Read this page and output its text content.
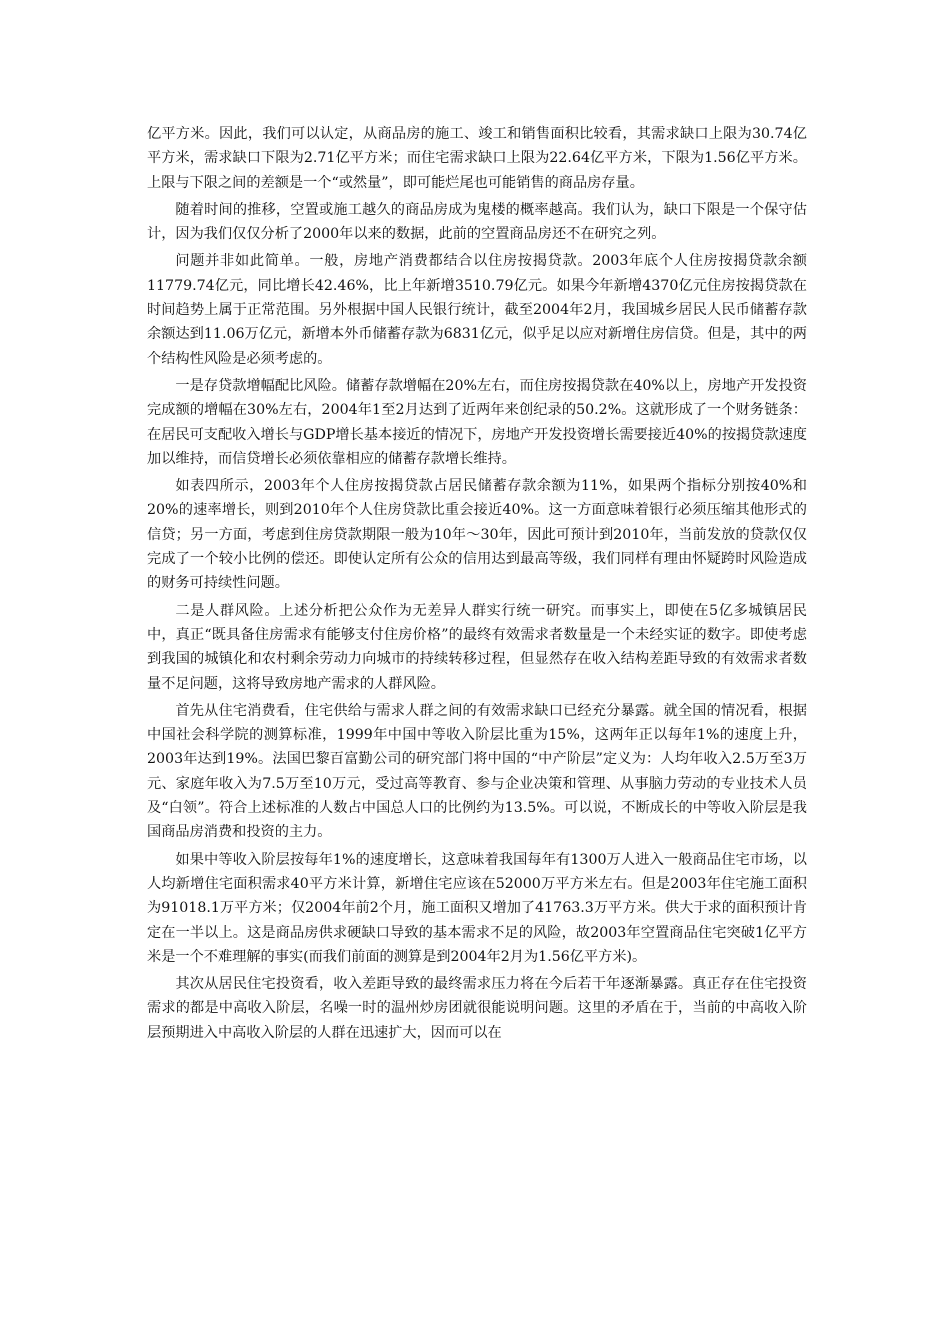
亿平方米。因此，我们可以认定，从商品房的施工、竣工和销售面积比较看，其需求缺口上限为30.74亿平方米，需求缺口下限为2.71亿平方米；而住宅需求缺口上限为22.64亿平方米，下限为1.56亿平方米。上限与下限之间的差额是一个“或然量”，即可能烂尾也可能销售的商品房存量。

随着时间的推移，空置或施工越久的商品房成为鬼楼的概率越高。我们认为，缺口下限是一个保守估计，因为我们仅仅分析了2000年以来的数据，此前的空置商品房还不在研究之列。

问题并非如此简单。一般，房地产消费都结合以住房按揭贷款。2003年底个人住房按揭贷款余额11779.74亿元，同比增长42.46%，比上年新增3510.79亿元。如果今年新增4370亿元住房按揭贷款在时间趋势上属于正常范围。另外根据中国人民银行统计，截至2004年2月，我国城乡居民人民币储蓄存款余额达到11.06万亿元，新增本外币储蓄存款为6831亿元，似乎足以应对新增住房信贷。但是，其中的两个结构性风险是必须考虑的。

一是存贷款增幅配比风险。储蓄存款增幅在20%左右，而住房按揭贷款在40%以上，房地产开发投资完成额的增幅在30%左右，2004年1至2月达到了近两年来创纪录的50.2%。这就形成了一个财务链条：在居民可支配收入增长与GDP增长基本接近的情况下，房地产开发投资增长需要接近40%的按揭贷款速度加以维持，而信贷增长必须依靠相应的储蓄存款增长维持。

如表四所示，2003年个人住房按揭贷款占居民储蓄存款余额为11%，如果两个指标分别按40%和20%的速率增长，则到2010年个人住房贷款比重会接近40%。这一方面意味着银行必须压缩其他形式的信贷；另一方面，考虑到住房贷款期限一般为10年～30年，因此可预计到2010年，当前发放的贷款仅仅完成了一个较小比例的偿还。即使认定所有公众的信用达到最高等级，我们同样有理由怀疑跨时风险造成的财务可持续性问题。

二是人群风险。上述分析把公众作为无差异人群实行统一研究。而事实上，即使在5亿多城镇居民中，真正“既具备住房需求有能够支付住房价格”的最终有效需求者数量是一个未经实证的数字。即使考虑到我国的城镇化和农村剩余劳动力向城市的持续转移过程，但显然存在收入结构差距导致的有效需求者数量不足问题，这将导致房地产需求的人群风险。

首先从住宅消费看，住宅供给与需求人群之间的有效需求缺口已经充分暴露。就全国的情况看，根据中国社会科学院的测算标准，1999年中国中等收入阶层比重为15%，这两年正以每年1%的速度上升，2003年达到19%。法国巴黎百富勤公司的研究部门将中国的“中产阶层”定义为：人均年收入2.5万至3万元、家庭年收入为7.5万至10万元，受过高等教育、参与企业决策和管理、从事脑力劳动的专业技术人员及“白领”。符合上述标准的人数占中国总人口的比例约为13.5%。可以说，不断成长的中等收入阶层是我国商品房消费和投资的主力。

如果中等收入阶层按每年1%的速度增长，这意味着我国每年有1300万人进入一般商品住宅市场，以人均新增住宅面积需求40平方米计算，新增住宅应该在52000万平方米左右。但是2003年住宅施工面积为91018.1万平方米；仅2004年前2个月，施工面积又增加了41763.3万平方米。供大于求的面积预计肯定在一半以上。这是商品房供求硬缺口导致的基本需求不足的风险，故2003年空置商品住宅突破1亿平方米是一个不难理解的事实(而我们前面的测算是到2004年2月为1.56亿平方米)。

其次从居民住宅投资看，收入差距导致的最终需求压力将在今后若干年逐渐暴露。真正存在住宅投资需求的都是中高收入阶层，名噪一时的温州炒房团就很能说明问题。这里的矛盾在于，当前的中高收入阶层预期进入中高收入阶层的人群在迅速扩大，因而可以在
